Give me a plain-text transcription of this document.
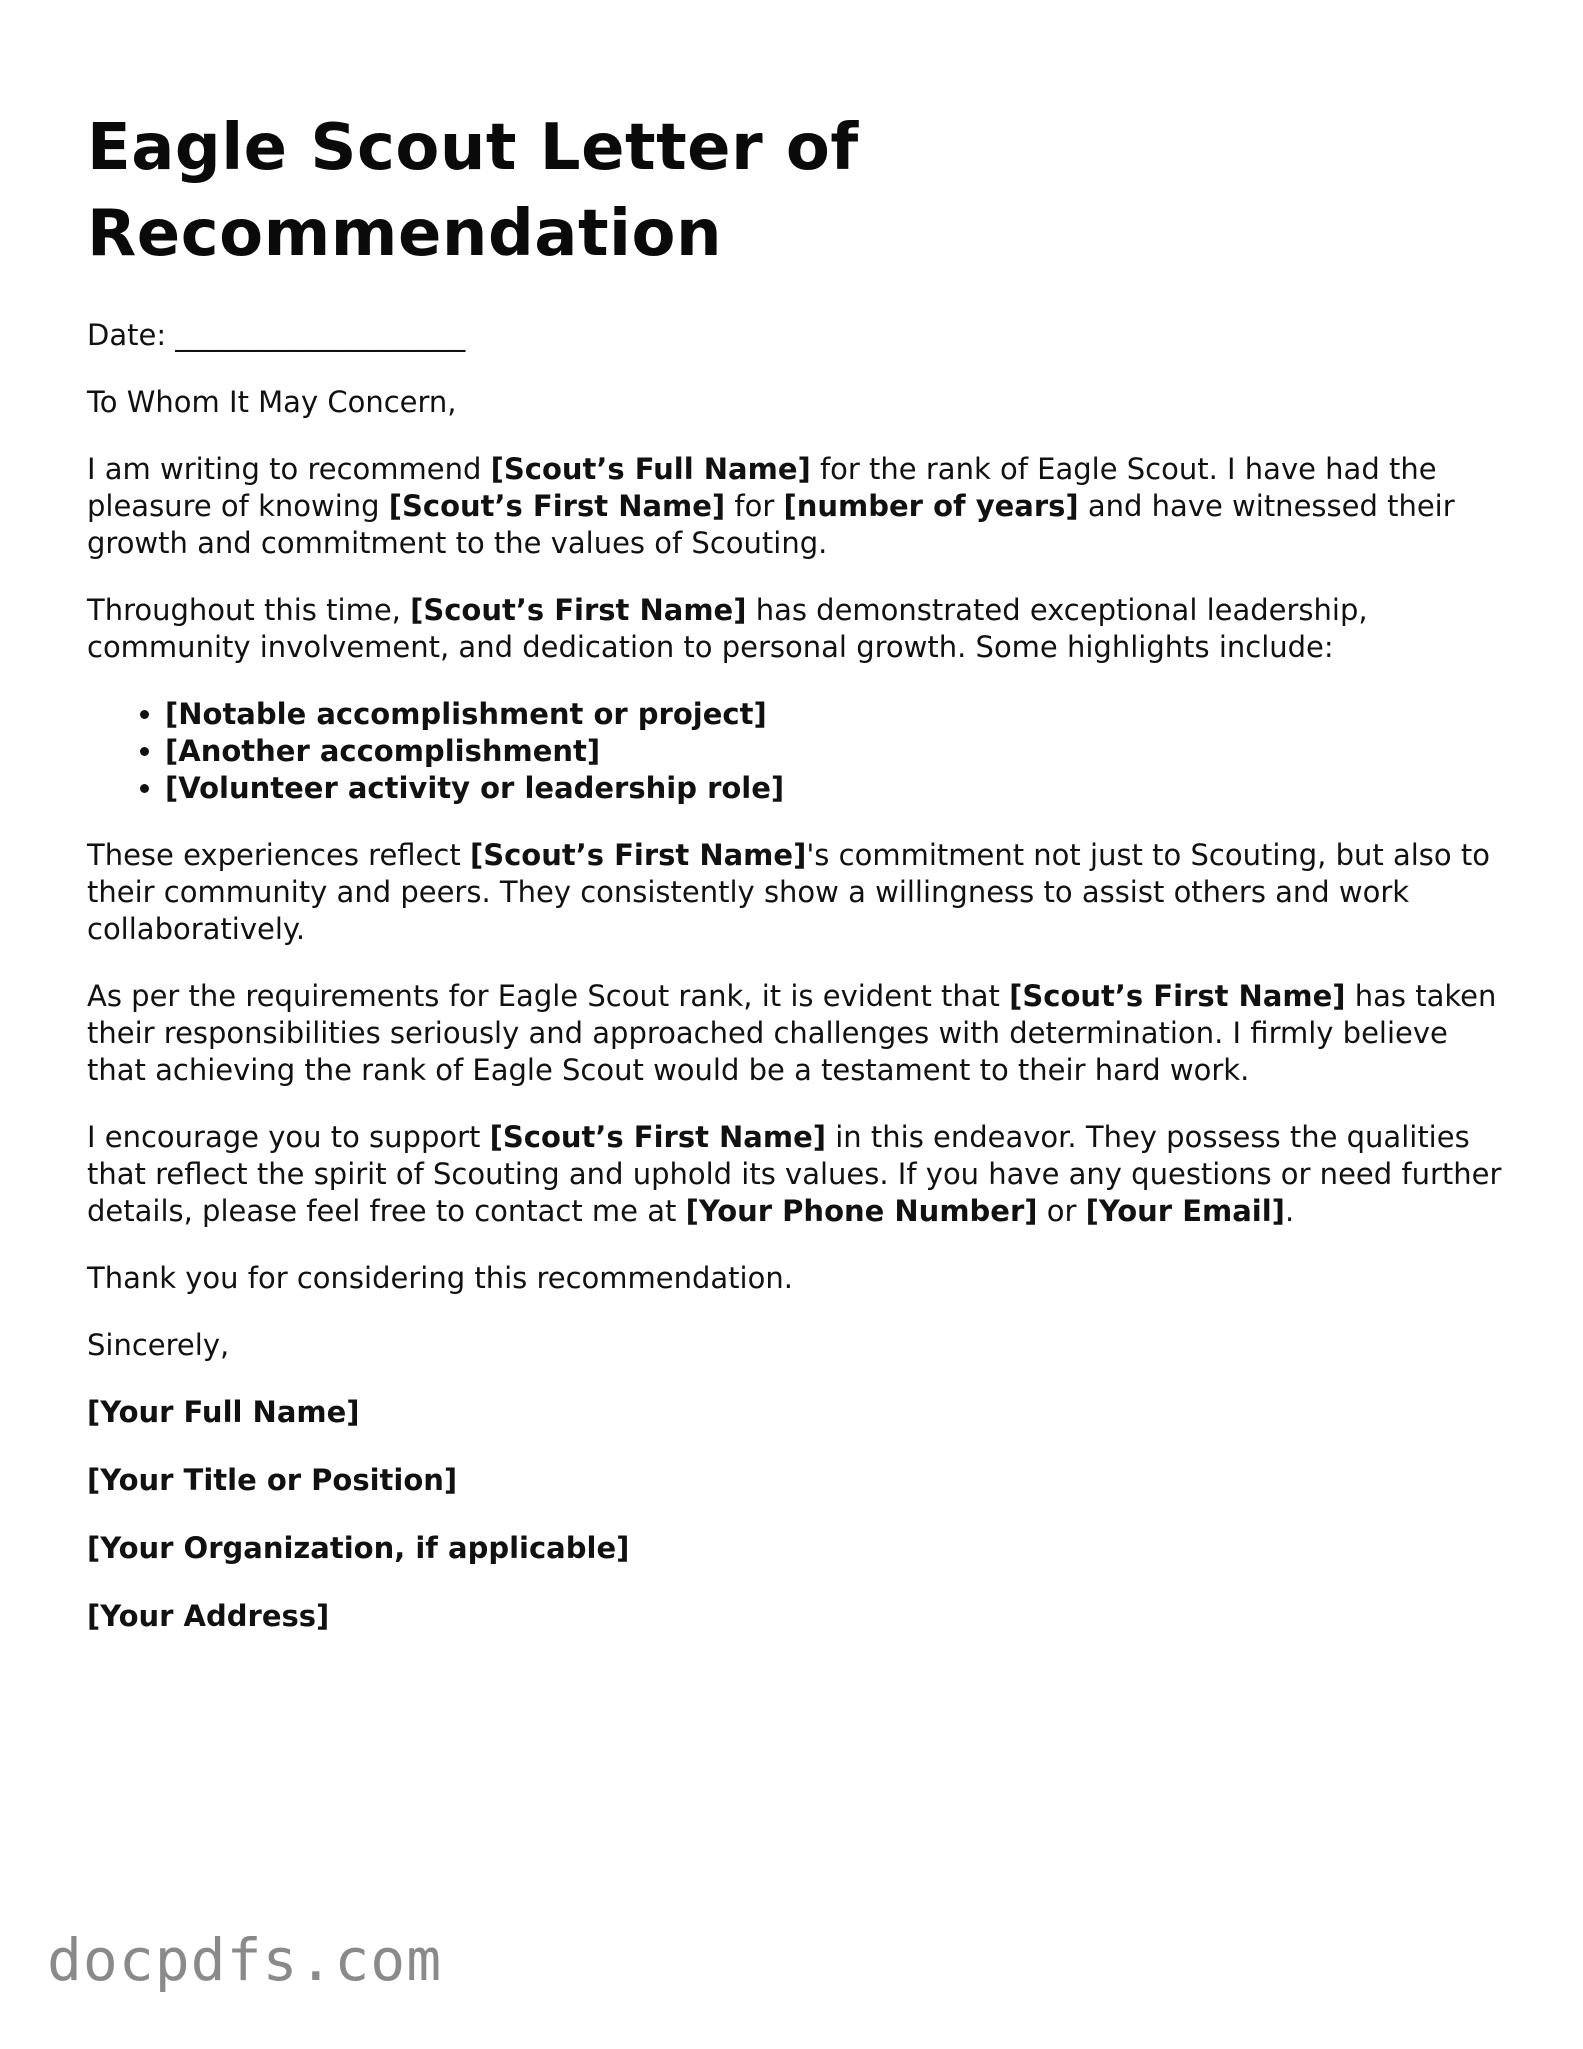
Eagle Scout Letter of Recommendation

Date: ____________________

To Whom It May Concern,

I am writing to recommend [Scout’s Full Name] for the rank of Eagle Scout. I have had the pleasure of knowing [Scout’s First Name] for [number of years] and have witnessed their growth and commitment to the values of Scouting.

Throughout this time, [Scout’s First Name] has demonstrated exceptional leadership, community involvement, and dedication to personal growth. Some highlights include:

• [Notable accomplishment or project]
• [Another accomplishment]
• [Volunteer activity or leadership role]

These experiences reflect [Scout’s First Name]'s commitment not just to Scouting, but also to their community and peers. They consistently show a willingness to assist others and work collaboratively.

As per the requirements for Eagle Scout rank, it is evident that [Scout’s First Name] has taken their responsibilities seriously and approached challenges with determination. I firmly believe that achieving the rank of Eagle Scout would be a testament to their hard work.

I encourage you to support [Scout’s First Name] in this endeavor. They possess the qualities that reflect the spirit of Scouting and uphold its values. If you have any questions or need further details, please feel free to contact me at [Your Phone Number] or [Your Email].

Thank you for considering this recommendation.

Sincerely,

[Your Full Name]

[Your Title or Position]

[Your Organization, if applicable]

[Your Address]

docpdfs.com
